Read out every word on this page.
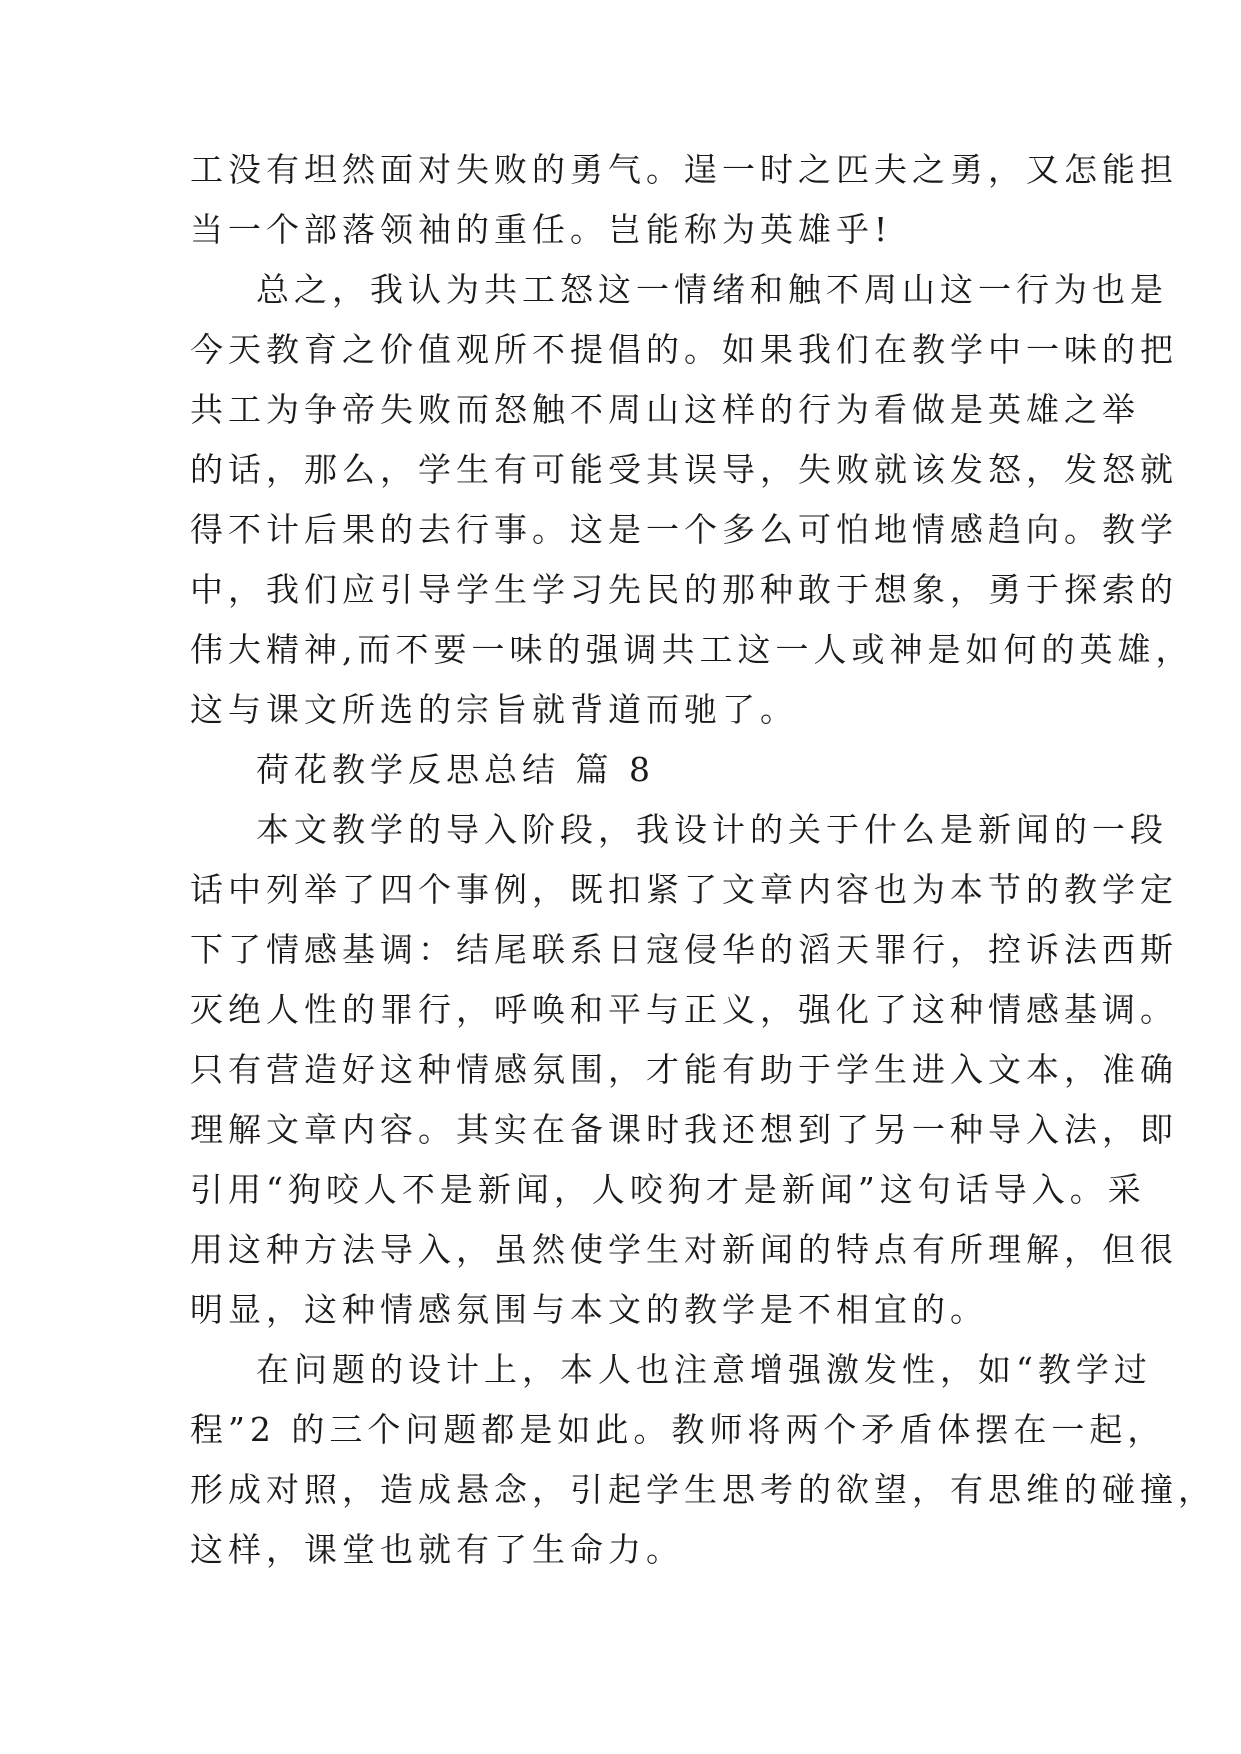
工没有坦然面对失败的勇气。逞一时之匹夫之勇，又怎能担
当一个部落领袖的重任。岂能称为英雄乎!
总之，我认为共工怒这一情绪和触不周山这一行为也是
今天教育之价值观所不提倡的。如果我们在教学中一味的把
共工为争帝失败而怒触不周山这样的行为看做是英雄之举
的话，那么，学生有可能受其误导，失败就该发怒，发怒就
得不计后果的去行事。这是一个多么可怕地情感趋向。教学
中，我们应引导学生学习先民的那种敢于想象，勇于探索的
伟大精神,而不要一味的强调共工这一人或神是如何的英雄，
这与课文所选的宗旨就背道而驰了。
荷花教学反思总结 篇 8
本文教学的导入阶段，我设计的关于什么是新闻的一段
话中列举了四个事例，既扣紧了文章内容也为本节的教学定
下了情感基调：结尾联系日寇侵华的滔天罪行，控诉法西斯
灭绝人性的罪行，呼唤和平与正义，强化了这种情感基调。
只有营造好这种情感氛围，才能有助于学生进入文本，准确
理解文章内容。其实在备课时我还想到了另一种导入法，即
引用“狗咬人不是新闻，人咬狗才是新闻”这句话导入。采
用这种方法导入，虽然使学生对新闻的特点有所理解，但很
明显，这种情感氛围与本文的教学是不相宜的。
在问题的设计上，本人也注意增强激发性，如“教学过
程”2 的三个问题都是如此。教师将两个矛盾体摆在一起，
形成对照，造成悬念，引起学生思考的欲望，有思维的碰撞，
这样，课堂也就有了生命力。
